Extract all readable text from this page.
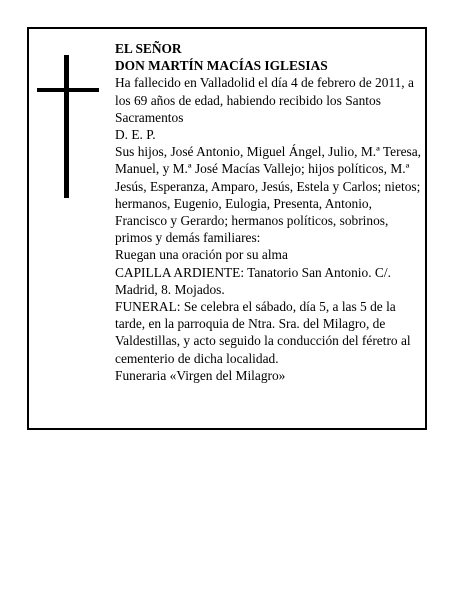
EL SEÑOR

DON MARTÍN MACÍAS IGLESIAS

Ha fallecido en Valladolid el día 4 de febrero de 2011, a los 69 años de edad, habiendo recibido los Santos Sacramentos

D. E. P.

Sus hijos, José Antonio, Miguel Ángel, Julio, M.ª Teresa, Manuel, y M.ª José Macías Vallejo; hijos políticos, M.ª Jesús, Esperanza, Amparo, Jesús, Estela y Carlos; nietos; hermanos, Eugenio, Eulogia, Presenta, Antonio, Francisco y Gerardo; hermanos políticos, sobrinos, primos y demás familiares:

Ruegan una oración por su alma

CAPILLA ARDIENTE: Tanatorio San Antonio. C/. Madrid, 8. Mojados.

FUNERAL: Se celebra el sábado, día 5, a las 5 de la tarde, en la parroquia de Ntra. Sra. del Milagro, de Valdestillas, y acto seguido la conducción del féretro al cementerio de dicha localidad.

Funeraria «Virgen del Milagro»
